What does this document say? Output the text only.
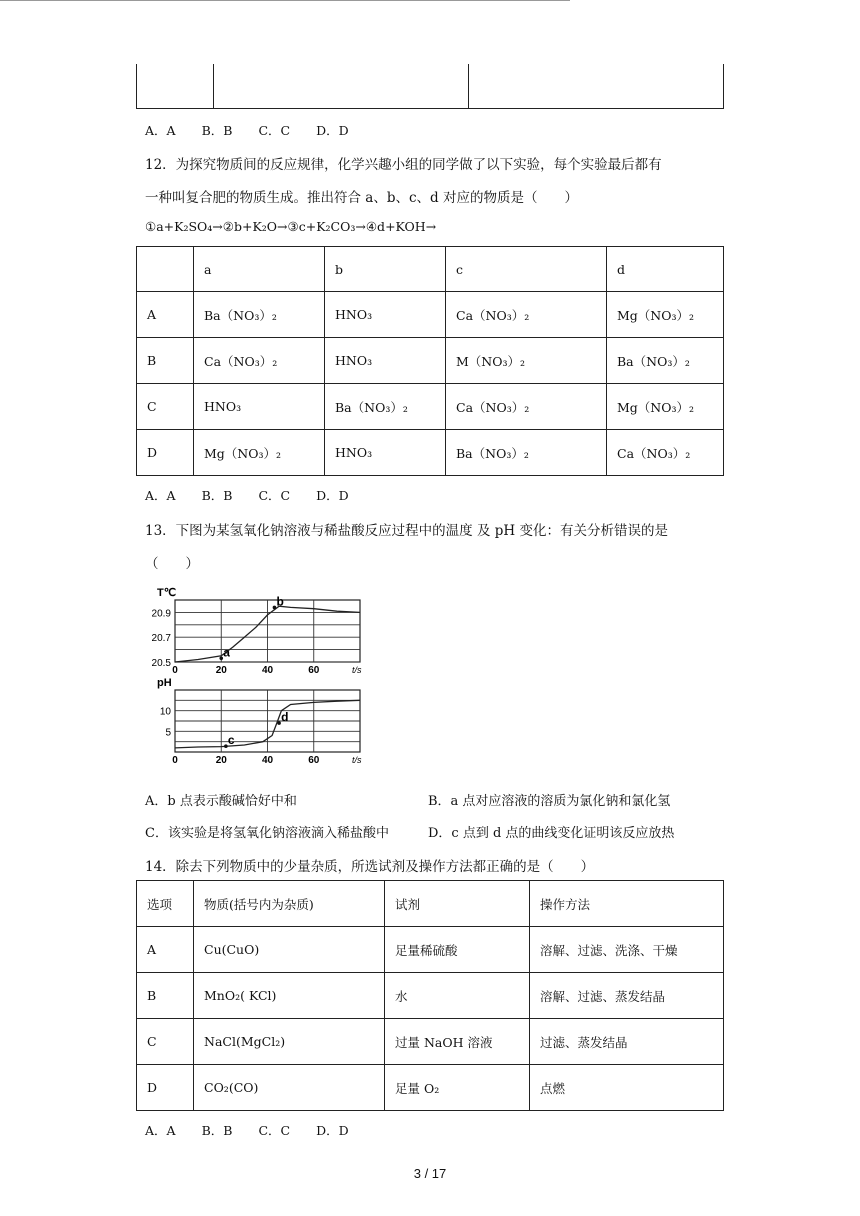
A．A B．B C．C D．D
12．为探究物质间的反应规律，化学兴趣小组的同学做了以下实验，每个实验最后都有
一种叫复合肥的物质生成。推出符合 a、b、c、d 对应的物质是（　　）
①a+K₂SO₄→②b+K₂O→③c+K₂CO₃→④d+KOH→
	a	b	c	d
A	Ba（NO₃）₂	HNO₃	Ca（NO₃）₂	Mg（NO₃）₂
B	Ca（NO₃）₂	HNO₃	M（NO₃）₂	Ba（NO₃）₂
C	HNO₃	Ba（NO₃）₂	Ca（NO₃）₂	Mg（NO₃）₂
D	Mg（NO₃）₂	HNO₃	Ba（NO₃）₂	Ca（NO₃）₂
A．A B．B C．C D．D
13．下图为某氢氧化钠溶液与稀盐酸反应过程中的温度 及 pH 变化：有关分析错误的是
（　　）
20.9
20.7
20.5
0	20	40	60
T℃
t/s
a
b
10
5
0	20	40	60
pH
t/s
c
d
A．b 点表示酸碱恰好中和	B．a 点对应溶液的溶质为氯化钠和氯化氢
C．该实验是将氢氧化钠溶液滴入稀盐酸中	D．c 点到 d 点的曲线变化证明该反应放热
14．除去下列物质中的少量杂质，所选试剂及操作方法都正确的是（　　）
选项	物质(括号内为杂质)	试剂	操作方法
A	Cu(CuO)	足量稀硫酸	溶解、过滤、洗涤、干燥
B	MnO₂( KCl)	水	溶解、过滤、蒸发结晶
C	NaCl(MgCl₂)	过量 NaOH 溶液	过滤、蒸发结晶
D	CO₂(CO)	足量 O₂	点燃
A．A B．B C．C D．D
3 / 17
